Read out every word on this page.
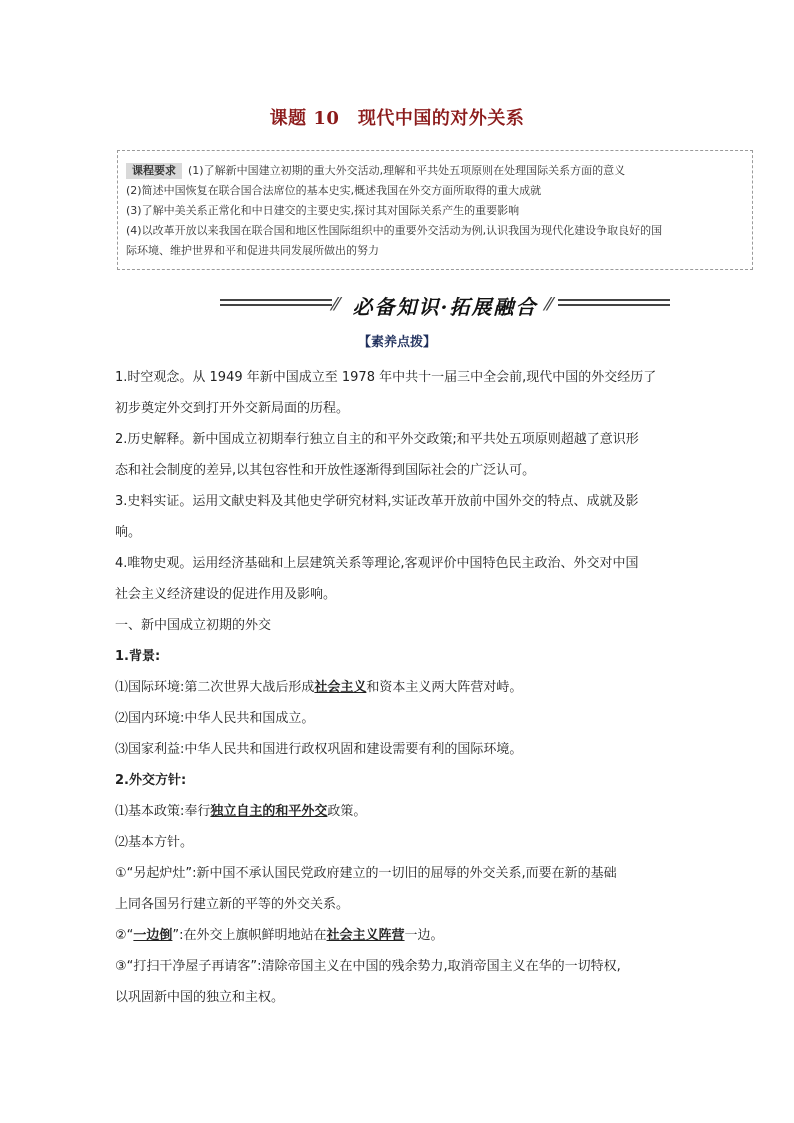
课题 10　现代中国的对外关系
课程要求 (1)了解新中国建立初期的重大外交活动,理解和平共处五项原则在处理国际关系方面的意义
(2)简述中国恢复在联合国合法席位的基本史实,概述我国在外交方面所取得的重大成就
(3)了解中美关系正常化和中日建交的主要史实,探讨其对国际关系产生的重要影响
(4)以改革开放以来我国在联合国和地区性国际组织中的重要外交活动为例,认识我国为现代化建设争取良好的国
际环境、维护世界和平和促进共同发展所做出的努力
⁄⁄ 必备知识·拓展融合 ⁄⁄
【素养点拨】

1.时空观念。从 1949 年新中国成立至 1978 年中共十一届三中全会前,现代中国的外交经历了

初步奠定外交到打开外交新局面的历程。

2.历史解释。新中国成立初期奉行独立自主的和平外交政策;和平共处五项原则超越了意识形

态和社会制度的差异,以其包容性和开放性逐渐得到国际社会的广泛认可。

3.史料实证。运用文献史料及其他史学研究材料,实证改革开放前中国外交的特点、成就及影

响。

4.唯物史观。运用经济基础和上层建筑关系等理论,客观评价中国特色民主政治、外交对中国

社会主义经济建设的促进作用及影响。

一、新中国成立初期的外交

1.背景:

⑴国际环境:第二次世界大战后形成社会主义和资本主义两大阵营对峙。

⑵国内环境:中华人民共和国成立。

⑶国家利益:中华人民共和国进行政权巩固和建设需要有利的国际环境。

2.外交方针:

⑴基本政策:奉行独立自主的和平外交政策。

⑵基本方针。

①“另起炉灶”:新中国不承认国民党政府建立的一切旧的屈辱的外交关系,而要在新的基础

上同各国另行建立新的平等的外交关系。

②“一边倒”:在外交上旗帜鲜明地站在社会主义阵营一边。

③“打扫干净屋子再请客”:清除帝国主义在中国的残余势力,取消帝国主义在华的一切特权,

以巩固新中国的独立和主权。
